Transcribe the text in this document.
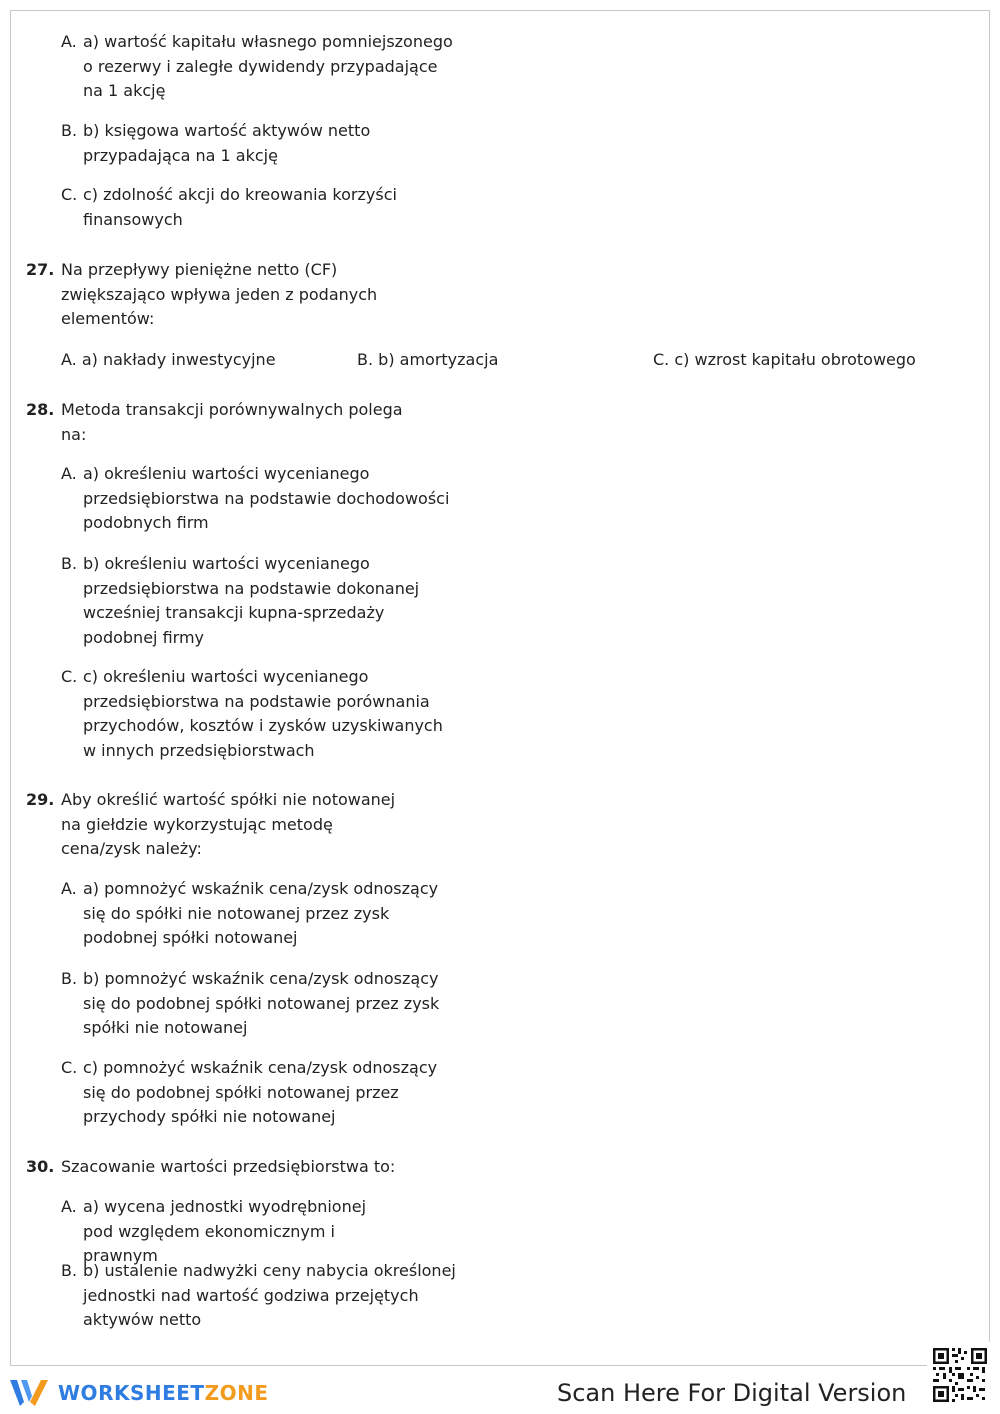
A. a) wartość kapitału własnego pomniejszonego o rezerwy i zaległe dywidendy przypadające na 1 akcję
B. b) księgowa wartość aktywów netto przypadająca na 1 akcję
C. c) zdolność akcji do kreowania korzyści finansowych
27. Na przepływy pieniężne netto (CF) zwiększająco wpływa jeden z podanych elementów:
A. a) nakłady inwestycyjne	B. b) amortyzacja	C. c) wzrost kapitału obrotowego
28. Metoda transakcji porównywalnych polega na:
A. a) określeniu wartości wycenianego przedsiębiorstwa na podstawie dochodowości podobnych firm
B. b) określeniu wartości wycenianego przedsiębiorstwa na podstawie dokonanej wcześniej transakcji kupna-sprzedaży podobnej firmy
C. c) określeniu wartości wycenianego przedsiębiorstwa na podstawie porównania przychodów, kosztów i zysków uzyskiwanych w innych przedsiębiorstwach
29. Aby określić wartość spółki nie notowanej na giełdzie wykorzystując metodę cena/zysk należy:
A. a) pomnożyć wskaźnik cena/zysk odnoszący się do spółki nie notowanej przez zysk podobnej spółki notowanej
B. b) pomnożyć wskaźnik cena/zysk odnoszący się do podobnej spółki notowanej przez zysk spółki nie notowanej
C. c) pomnożyć wskaźnik cena/zysk odnoszący się do podobnej spółki notowanej przez przychody spółki nie notowanej
30. Szacowanie wartości przedsiębiorstwa to:
A. a) wycena jednostki wyodrębnionej pod względem ekonomicznym i prawnym
B. b) ustalenie nadwyżki ceny nabycia określonej jednostki nad wartość godziwa przejętych aktywów netto
WORKSHEETZONE	Scan Here For Digital Version
